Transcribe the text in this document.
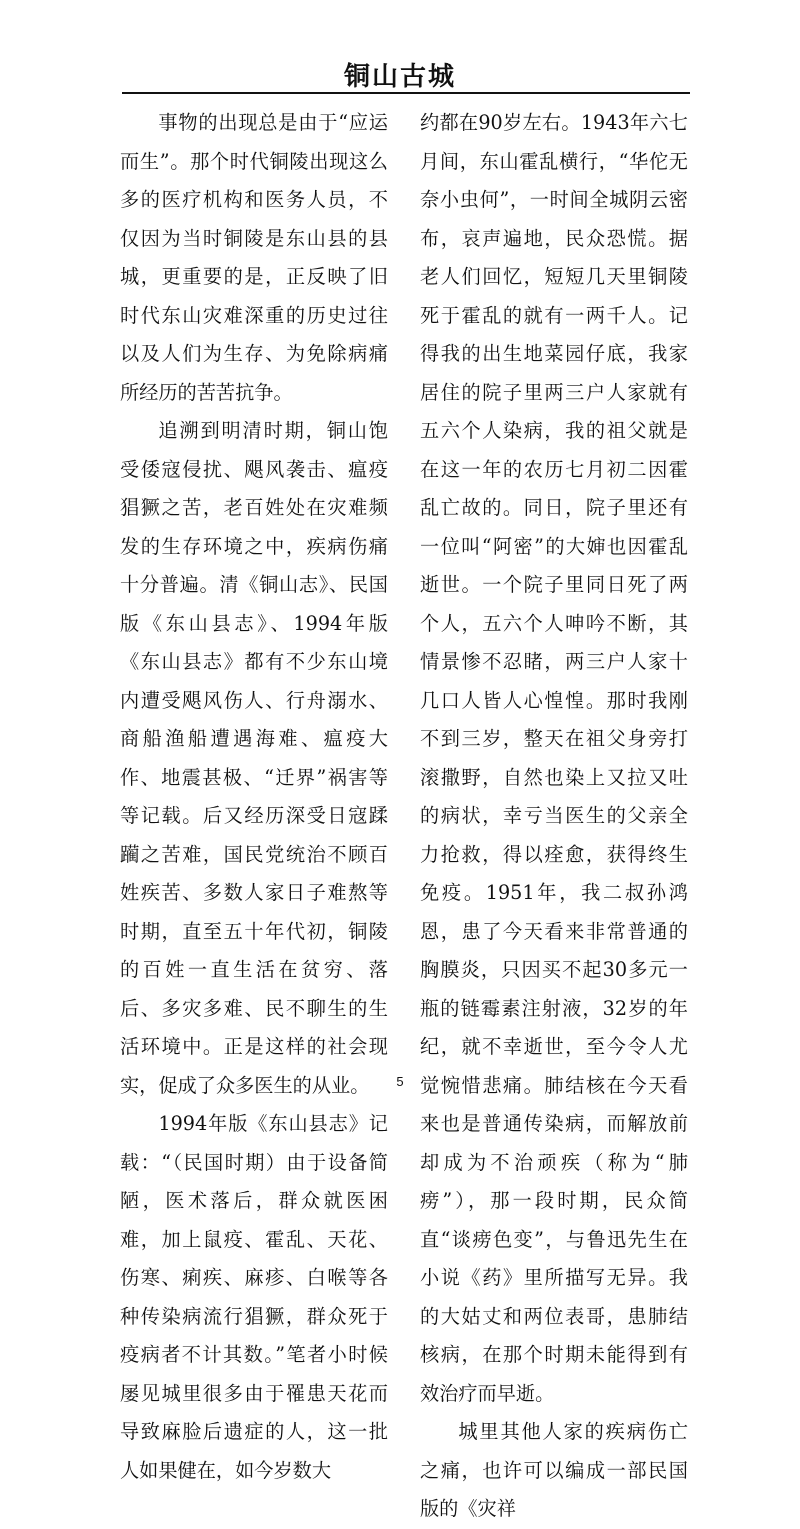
铜山古城

事物的出现总是由于“应运而生”。那个时代铜陵出现这么多的医疗机构和医务人员，不仅因为当时铜陵是东山县的县城，更重要的是，正反映了旧时代东山灾难深重的历史过往以及人们为生存、为免除病痛所经历的苦苦抗争。

追溯到明清时期，铜山饱受倭寇侵扰、飓风袭击、瘟疫猖獗之苦，老百姓处在灾难频发的生存环境之中，疾病伤痛十分普遍。清《铜山志》、民国版《东山县志》、1994年版《东山县志》都有不少东山境内遭受飓风伤人、行舟溺水、商船渔船遭遇海难、瘟疫大作、地震甚极、“迁界”祸害等等记载。后又经历深受日寇蹂躏之苦难，国民党统治不顾百姓疾苦、多数人家日子难熬等时期，直至五十年代初，铜陵的百姓一直生活在贫穷、落后、多灾多难、民不聊生的生活环境中。正是这样的社会现实，促成了众多医生的从业。

1994年版《东山县志》记载：“（民国时期）由于设备简陋，医术落后，群众就医困难，加上鼠疫、霍乱、天花、伤寒、痢疾、麻疹、白喉等各种传染病流行猖獗，群众死于疫病者不计其数。”笔者小时候屡见城里很多由于罹患天花而导致麻脸后遗症的人，这一批人如果健在，如今岁数大

约都在90岁左右。1943年六七月间，东山霍乱横行，“华佗无奈小虫何”，一时间全城阴云密布，哀声遍地，民众恐慌。据老人们回忆，短短几天里铜陵死于霍乱的就有一两千人。记得我的出生地菜园仔底，我家居住的院子里两三户人家就有五六个人染病，我的祖父就是在这一年的农历七月初二因霍乱亡故的。同日，院子里还有一位叫“阿密”的大婶也因霍乱逝世。一个院子里同日死了两个人，五六个人呻吟不断，其情景惨不忍睹，两三户人家十几口人皆人心惶惶。那时我刚不到三岁，整天在祖父身旁打滚撒野，自然也染上又拉又吐的病状，幸亏当医生的父亲全力抢救，得以痊愈，获得终生免疫。1951年，我二叔孙鸿恩，患了今天看来非常普通的胸膜炎，只因买不起30多元一瓶的链霉素注射液，32岁的年纪，就不幸逝世，至今令人尤觉惋惜悲痛。肺结核在今天看来也是普通传染病，而解放前却成为不治顽疾（称为“肺痨”），那一段时期，民众简直“谈痨色变”，与鲁迅先生在小说《药》里所描写无异。我的大姑丈和两位表哥，患肺结核病，在那个时期未能得到有效治疗而早逝。

城里其他人家的疾病伤亡之痛，也许可以编成一部民国版的《灾祥

5
